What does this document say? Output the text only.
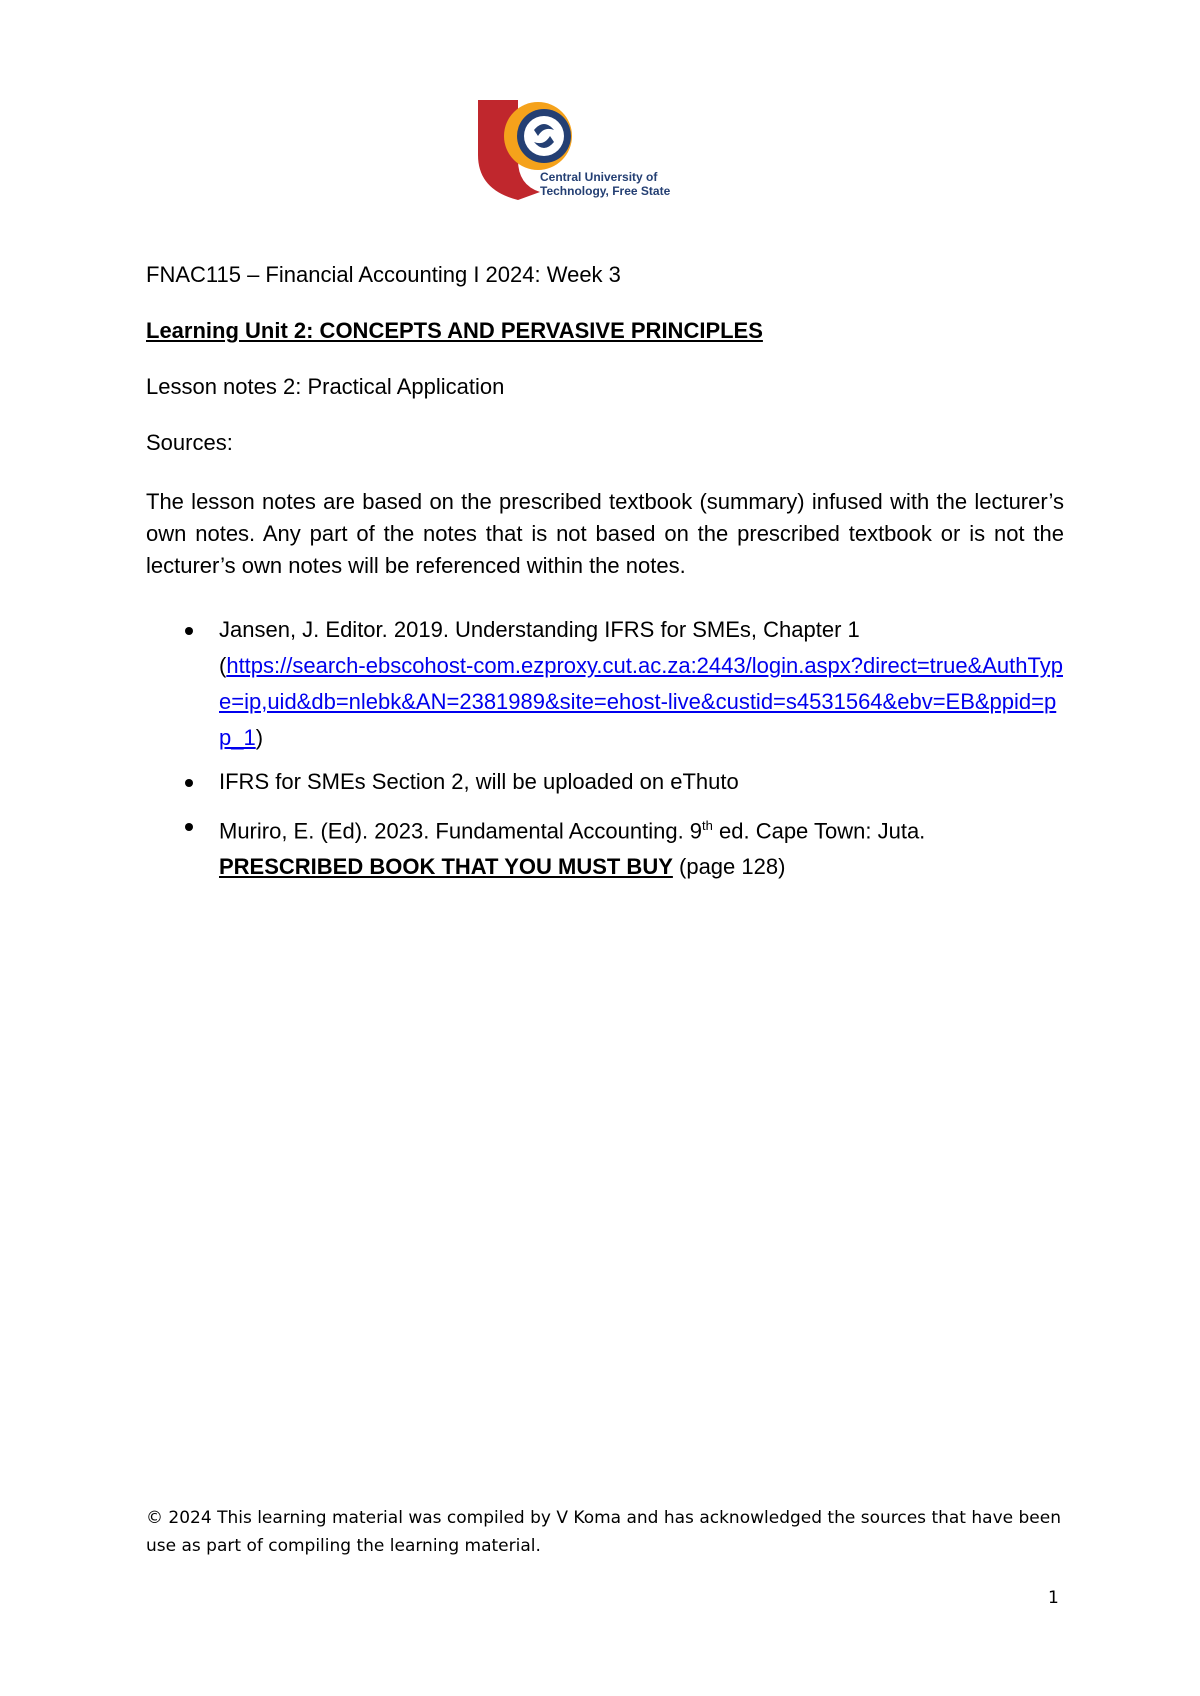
Central University of
Technology, Free State
FNAC115 – Financial Accounting I 2024: Week 3
Learning Unit 2: CONCEPTS AND PERVASIVE PRINCIPLES
Lesson notes 2: Practical Application
Sources:
The lesson notes are based on the prescribed textbook (summary) infused with the lecturer’s own notes. Any part of the notes that is not based on the prescribed textbook or is not the lecturer’s own notes will be referenced within the notes.
Jansen, J. Editor. 2019. Understanding IFRS for SMEs, Chapter 1
(https://search-ebscohost-com.ezproxy.cut.ac.za:2443/login.aspx?direct=true&AuthType=ip,uid&db=nlebk&AN=2381989&site=ehost-live&custid=s4531564&ebv=EB&ppid=pp_1)
IFRS for SMEs Section 2, will be uploaded on eThuto
Muriro, E. (Ed). 2023. Fundamental Accounting. 9th ed. Cape Town: Juta.
PRESCRIBED BOOK THAT YOU MUST BUY (page 128)
© 2024 This learning material was compiled by V Koma and has acknowledged the sources that have been use as part of compiling the learning material.
1
